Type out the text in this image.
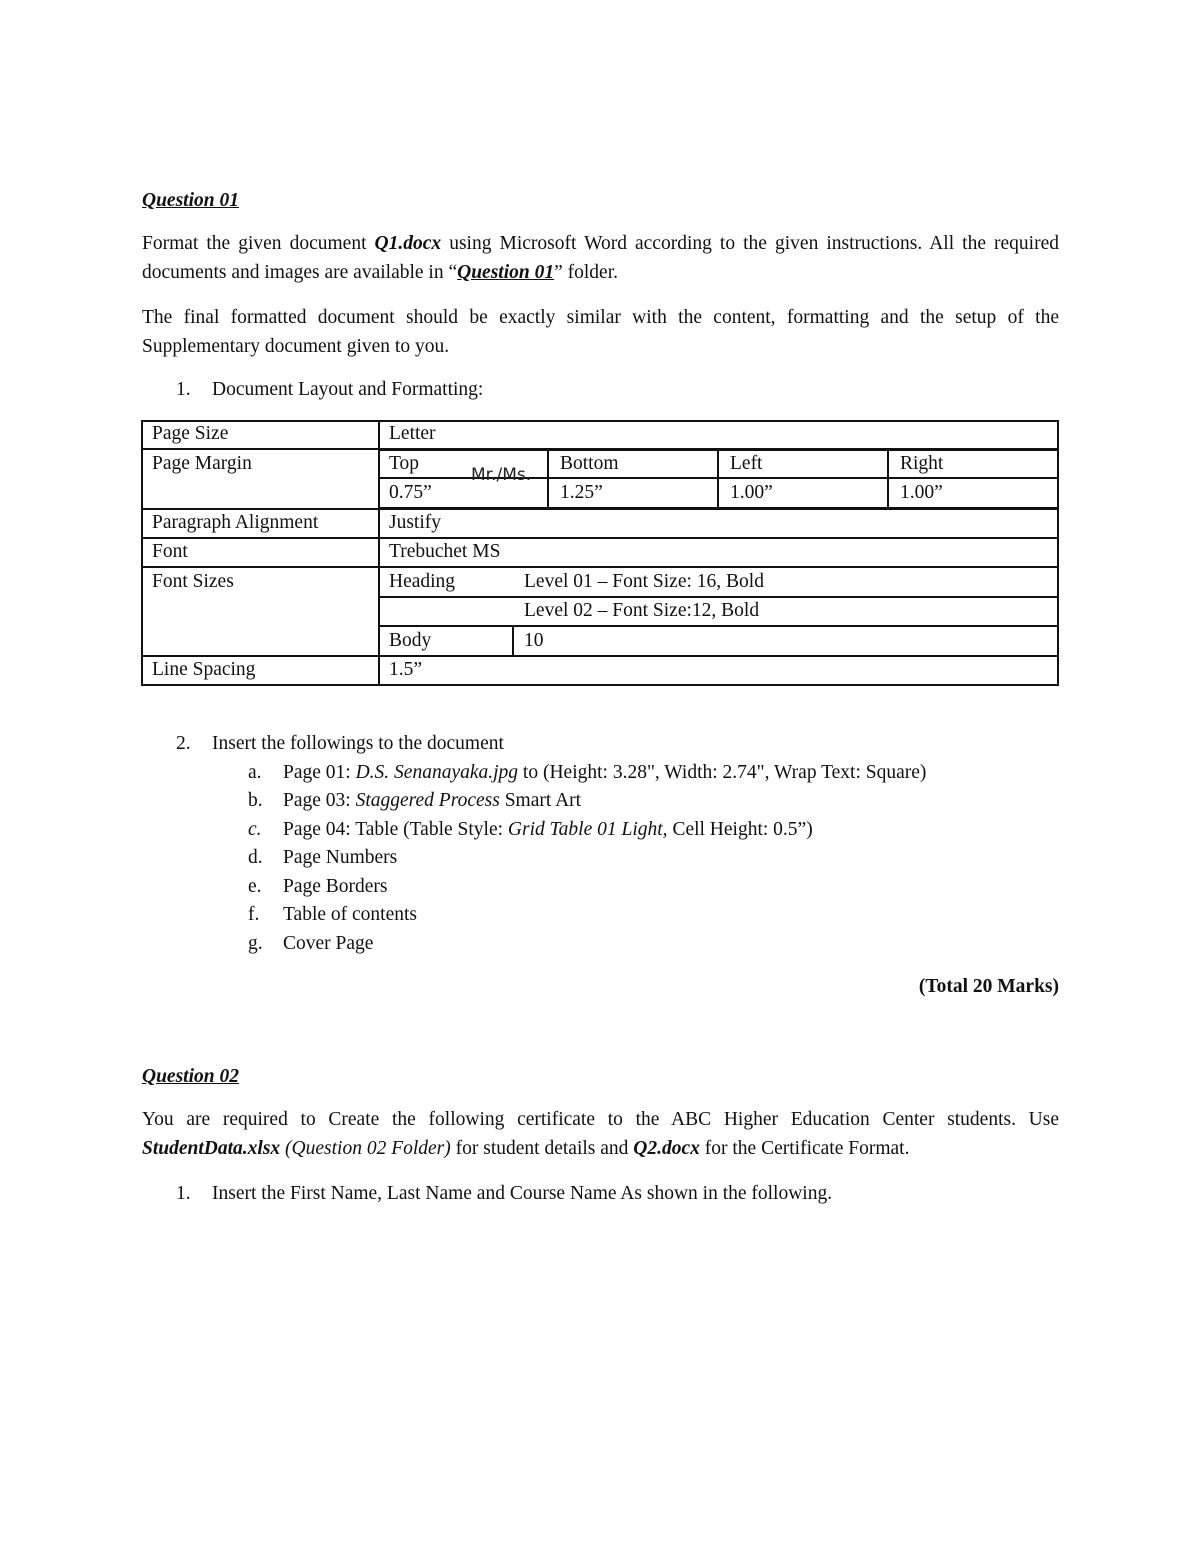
Question 01
Format the given document Q1.docx using Microsoft Word according to the given instructions. All the required documents and images are available in “Question 01” folder.
The final formatted document should be exactly similar with the content, formatting and the setup of the Supplementary document given to you.
1. Document Layout and Formatting:
Page Size	Letter
Page Margin	Top	Bottom	Left	Right
0.75”	1.25”	1.00”	1.00”
Mr./Ms.
Paragraph Alignment	Justify
Font	Trebuchet MS
Font Sizes	Heading	Level 01 – Font Size: 16, Bold
Level 02 – Font Size:12, Bold
Body	10
Line Spacing	1.5”
2. Insert the followings to the document
a. Page 01: D.S. Senanayaka.jpg to (Height: 3.28", Width: 2.74", Wrap Text: Square)
b. Page 03: Staggered Process Smart Art
c. Page 04: Table (Table Style: Grid Table 01 Light, Cell Height: 0.5”)
d. Page Numbers
e. Page Borders
f. Table of contents
g. Cover Page
(Total 20 Marks)
Question 02
You are required to Create the following certificate to the ABC Higher Education Center students. Use StudentData.xlsx (Question 02 Folder) for student details and Q2.docx for the Certificate Format.
1. Insert the First Name, Last Name and Course Name As shown in the following.
